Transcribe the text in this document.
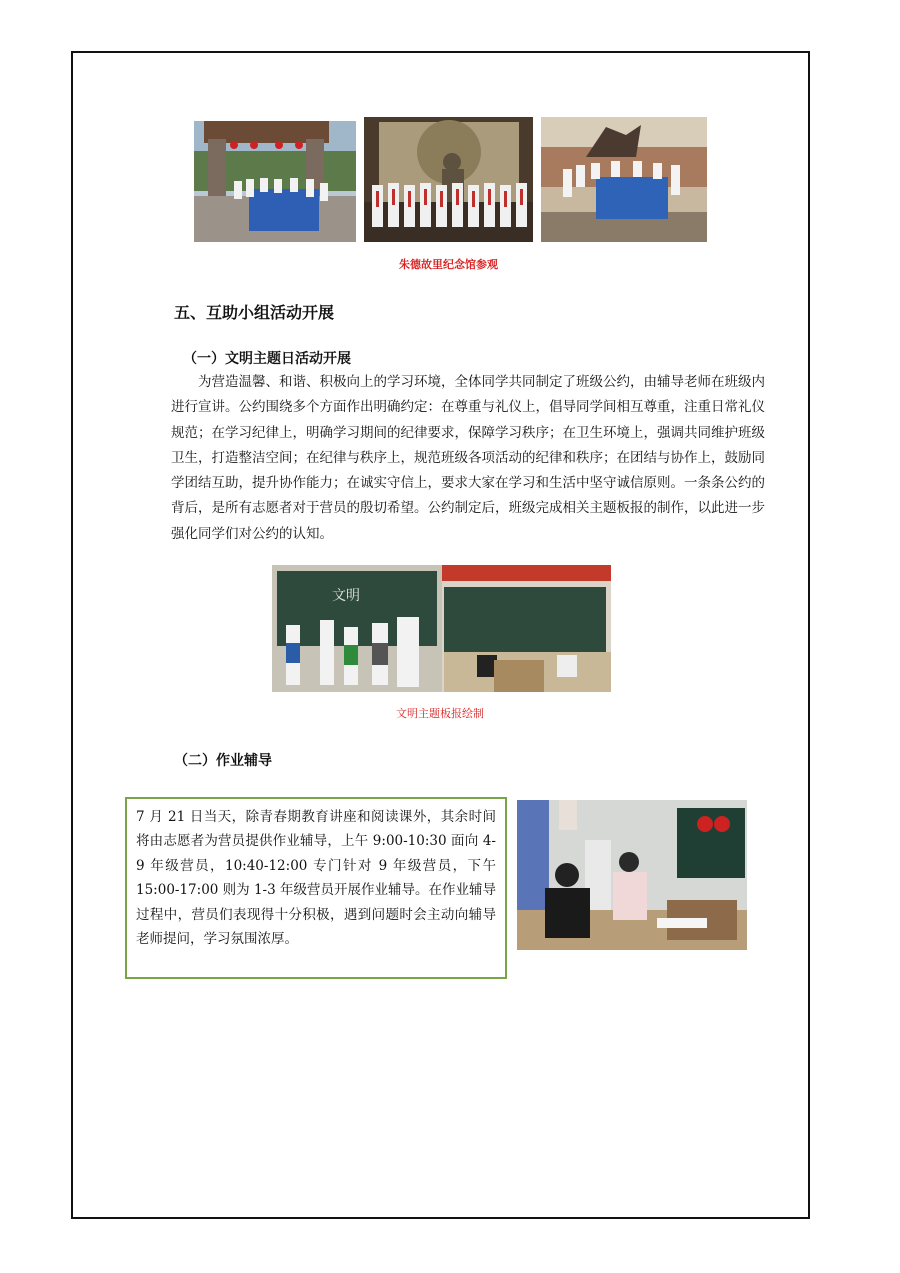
朱德故里纪念馆参观
五、互助小组活动开展
（一）文明主题日活动开展
为营造温馨、和谐、积极向上的学习环境，全体同学共同制定了班级公约，由辅导老师在班级内进行宣讲。公约围绕多个方面作出明确约定：在尊重与礼仪上，倡导同学间相互尊重，注重日常礼仪规范；在学习纪律上，明确学习期间的纪律要求，保障学习秩序；在卫生环境上，强调共同维护班级卫生，打造整洁空间；在纪律与秩序上，规范班级各项活动的纪律和秩序；在团结与协作上，鼓励同学团结互助，提升协作能力；在诚实守信上，要求大家在学习和生活中坚守诚信原则。一条条公约的背后，是所有志愿者对于营员的殷切希望。公约制定后，班级完成相关主题板报的制作，以此进一步强化同学们对公约的认知。
文明
文明主题板报绘制
（二）作业辅导
7 月 21 日当天，除青春期教育讲座和阅读课外，其余时间将由志愿者为营员提供作业辅导，上午 9:00-10:30 面向 4-9 年级营员，10:40-12:00 专门针对 9 年级营员，下午 15:00-17:00 则为 1-3 年级营员开展作业辅导。在作业辅导过程中，营员们表现得十分积极，遇到问题时会主动向辅导老师提问，学习氛围浓厚。
